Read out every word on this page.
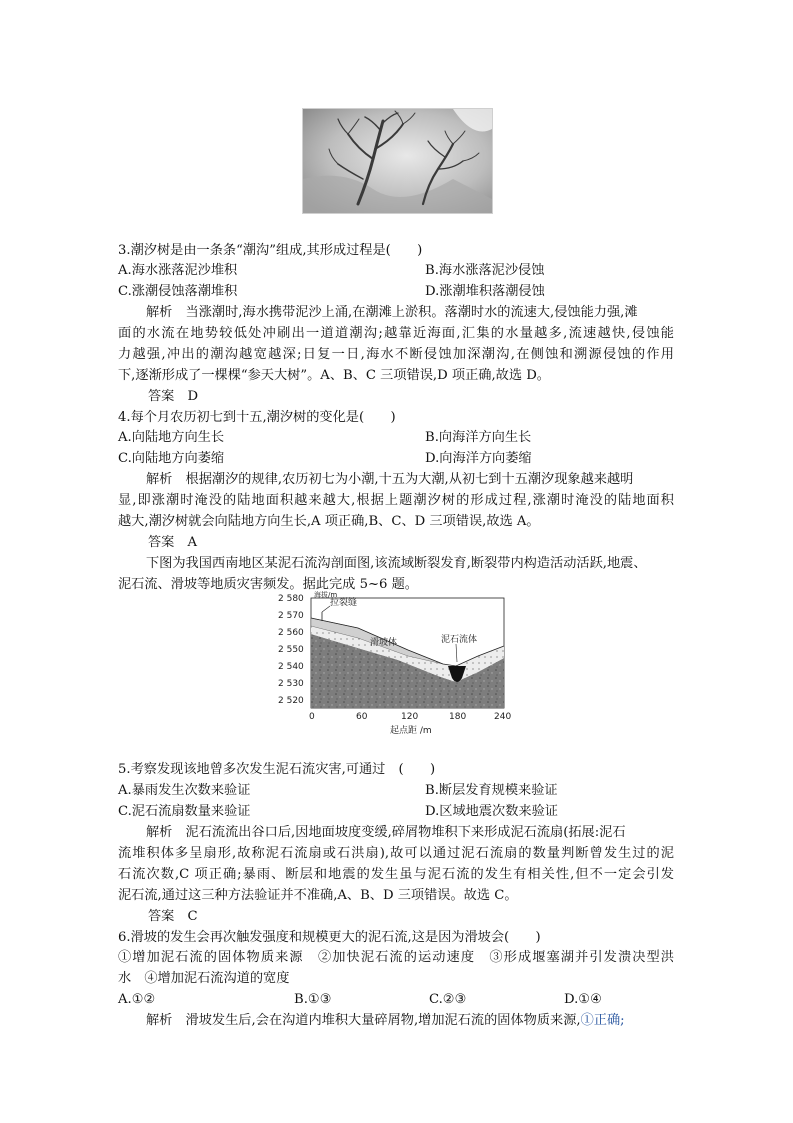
3.潮汐树是由一条条“潮沟”组成,其形成过程是(　　)
A.海水涨落泥沙堆积	B.海水涨落泥沙侵蚀
C.涨潮侵蚀落潮堆积	D.涨潮堆积落潮侵蚀
解析　当涨潮时,海水携带泥沙上涌,在潮滩上淤积。落潮时水的流速大,侵蚀能力强,滩
面的水流在地势较低处冲刷出一道道潮沟;越靠近海面,汇集的水量越多,流速越快,侵蚀能
力越强,冲出的潮沟越宽越深;日复一日,海水不断侵蚀加深潮沟,在侧蚀和溯源侵蚀的作用
下,逐渐形成了一棵棵“参天大树”。A、B、C 三项错误,D 项正确,故选 D。
答案　D
4.每个月农历初七到十五,潮汐树的变化是(　　)
A.向陆地方向生长	B.向海洋方向生长
C.向陆地方向萎缩	D.向海洋方向萎缩
解析　根据潮汐的规律,农历初七为小潮,十五为大潮,从初七到十五潮汐现象越来越明
显,即涨潮时淹没的陆地面积越来越大,根据上题潮汐树的形成过程,涨潮时淹没的陆地面积
越大,潮汐树就会向陆地方向生长,A 项正确,B、C、D 三项错误,故选 A。
答案　A
下图为我国西南地区某泥石流沟剖面图,该流域断裂发育,断裂带内构造活动活跃,地震、
泥石流、滑坡等地质灾害频发。据此完成 5~6 题。
拉裂缝
滑坡体	泥石流体
2 580
2 570
2 560
2 550
2 540
2 530
2 520
海拔/m
0	60	120	180	240
起点距 /m
5.考察发现该地曾多次发生泥石流灾害,可通过　(　　)
A.暴雨发生次数来验证	B.断层发育规模来验证
C.泥石流扇数量来验证	D.区域地震次数来验证
解析　泥石流流出谷口后,因地面坡度变缓,碎屑物堆积下来形成泥石流扇(拓展:泥石
流堆积体多呈扇形,故称泥石流扇或石洪扇),故可以通过泥石流扇的数量判断曾发生过的泥
石流次数,C 项正确;暴雨、断层和地震的发生虽与泥石流的发生有相关性,但不一定会引发
泥石流,通过这三种方法验证并不准确,A、B、D 三项错误。故选 C。
答案　C
6.滑坡的发生会再次触发强度和规模更大的泥石流,这是因为滑坡会(　　)
①增加泥石流的固体物质来源　②加快泥石流的运动速度　③形成堰塞湖并引发溃决型洪
水　④增加泥石流沟道的宽度
A.①②	B.①③	C.②③	D.①④
解析　滑坡发生后,会在沟道内堆积大量碎屑物,增加泥石流的固体物质来源,①正确;
